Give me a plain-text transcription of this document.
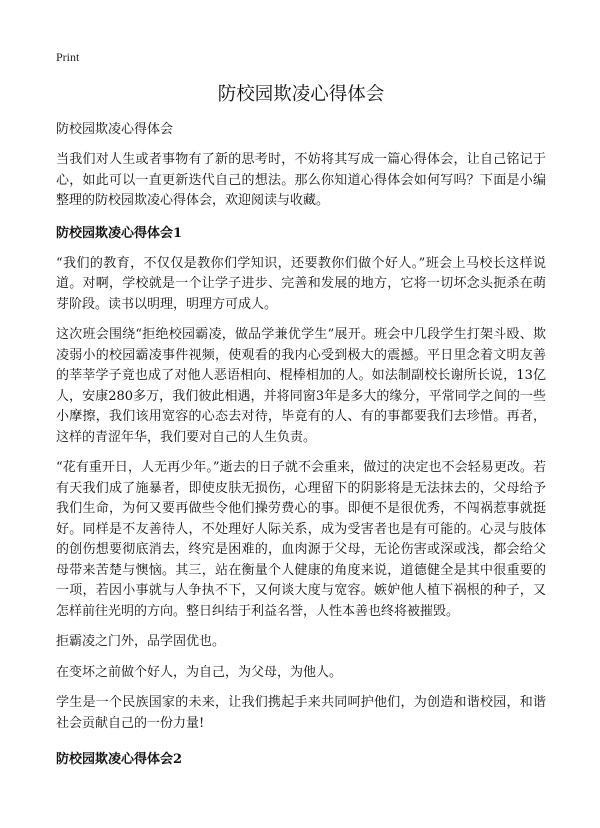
Print
防校园欺凌心得体会
防校园欺凌心得体会

当我们对人生或者事物有了新的思考时，不妨将其写成一篇心得体会，让自己铭记于心，如此可以一直更新迭代自己的想法。那么你知道心得体会如何写吗？下面是小编整理的防校园欺凌心得体会，欢迎阅读与收藏。

防校园欺凌心得体会1

“我们的教育，不仅仅是教你们学知识，还要教你们做个好人。”班会上马校长这样说道。对啊，学校就是一个让学子进步、完善和发展的地方，它将一切坏念头扼杀在萌芽阶段。读书以明理，明理方可成人。

这次班会围绕“拒绝校园霸凌，做品学兼优学生”展开。班会中几段学生打架斗殴、欺凌弱小的校园霸凌事件视频，使观看的我内心受到极大的震撼。平日里念着文明友善的莘莘学子竟也成了对他人恶语相向、棍棒相加的人。如法制副校长谢所长说，13亿人，安康280多万，我们彼此相遇，并将同窗3年是多大的缘分，平常同学之间的一些小摩擦，我们该用宽容的心态去对待，毕竟有的人、有的事都要我们去珍惜。再者，这样的青涩年华，我们要对自己的人生负责。

“花有重开日，人无再少年。”逝去的日子就不会重来，做过的决定也不会轻易更改。若有天我们成了施暴者，即使皮肤无损伤，心理留下的阴影将是无法抹去的，父母给予我们生命，为何又要再做些令他们操劳费心的事。即便不是很优秀，不闯祸惹事就挺好。同样是不友善待人，不处理好人际关系，成为受害者也是有可能的。心灵与肢体的创伤想要彻底消去，终究是困难的，血肉源于父母，无论伤害或深或浅，都会给父母带来苦楚与懊恼。其三，站在衡量个人健康的角度来说，道德健全是其中很重要的一项，若因小事就与人争执不下，又何谈大度与宽容。嫉妒他人植下祸根的种子，又怎样前往光明的方向。整日纠结于利益名誉，人性本善也终将被摧毁。

拒霸凌之门外，品学固优也。

在变坏之前做个好人，为自己，为父母，为他人。

学生是一个民族国家的未来，让我们携起手来共同呵护他们，为创造和谐校园，和谐社会贡献自己的一份力量!

防校园欺凌心得体会2
